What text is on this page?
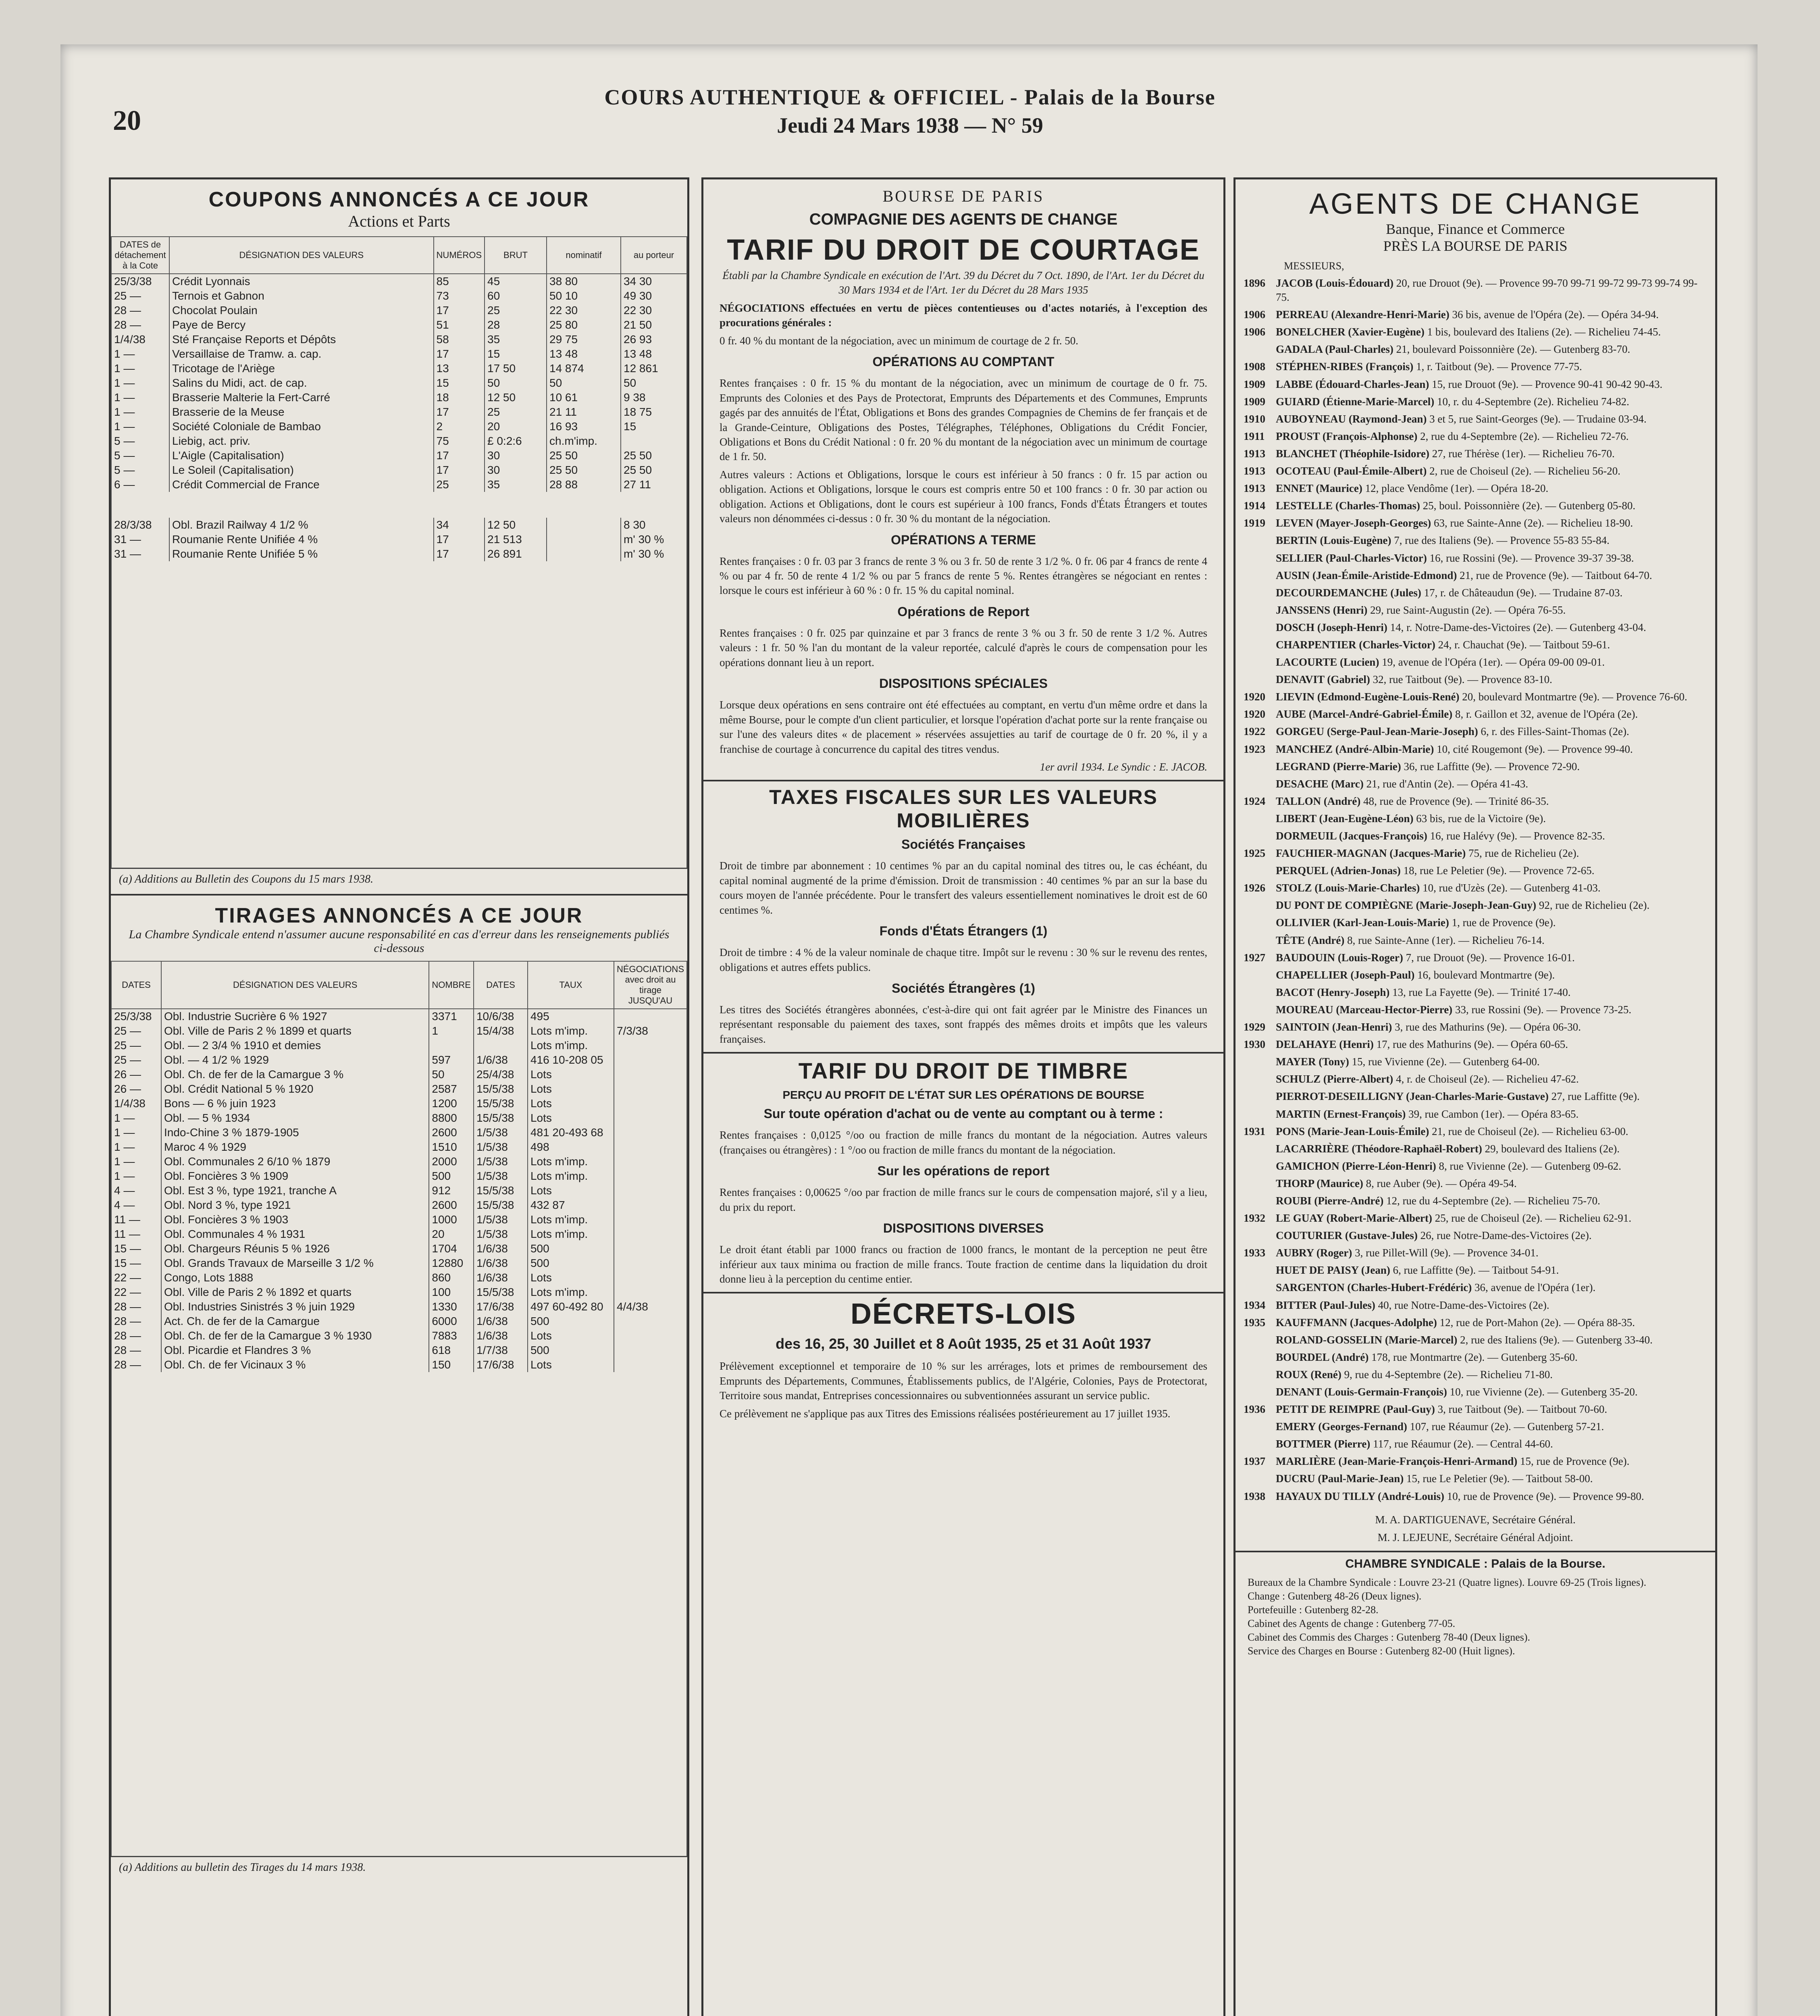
20
COURS AUTHENTIQUE & OFFICIEL - Palais de la Bourse
Jeudi 24 Mars 1938 — N° 59
COUPONS ANNONCÉS A CE JOUR
Actions et Parts
DATES de détachement à la Cote	DÉSIGNATION DES VALEURS	NUMÉROS	BRUT	nominatif	au porteur
25/3/38	Crédit Lyonnais	85	45	38 80	34 30
25 —	Ternois et Gabnon	73	60	50 10	49 30
28 —	Chocolat Poulain	17	25	22 30	22 30
28 —	Paye de Bercy	51	28	25 80	21 50
1/4/38	Sté Française Reports et Dépôts	58	35	29 75	26 93
1 —	Versaillaise de Tramw. a. cap.	17	15	13 48	13 48
1 —	Tricotage de l'Ariège	13	17 50	14 874	12 861
1 —	Salins du Midi, act. de cap.	15	50	50	50
1 —	Brasserie Malterie la Fert-Carré	18	12 50	10 61	9 38
1 —	Brasserie de la Meuse	17	25	21 11	18 75
1 —	Société Coloniale de Bambao	2	20	16 93	15
5 —	Liebig, act. priv.	75	£ 0:2:6	ch.m'imp.	
5 —	L'Aigle (Capitalisation)	17	30	25 50	25 50
5 —	Le Soleil (Capitalisation)	17	30	25 50	25 50
6 —	Crédit Commercial de France	25	35	28 88	27 11

28/3/38	Obl. Brazil Railway 4 1/2 %	34	12 50		8 30
31 —	Roumanie Rente Unifiée 4 %	17	21 513		m' 30 %
31 —	Roumanie Rente Unifiée 5 %	17	26 891		m' 30 %
(a) Additions au Bulletin des Coupons du 15 mars 1938.
TIRAGES ANNONCÉS A CE JOUR
La Chambre Syndicale entend n'assumer aucune responsabilité en cas d'erreur dans les renseignements publiés ci-dessous
DATES	DÉSIGNATION DES VALEURS	NOMBRE	DATES	TAUX	NÉGOCIATIONS avec droit au tirage JUSQU'AU
25/3/38	Obl. Industrie Sucrière 6 % 1927	3371	10/6/38	495	
25 —	Obl. Ville de Paris 2 % 1899 et quarts	1	15/4/38	Lots m'imp.	7/3/38
25 —	Obl. — 2 3/4 % 1910 et demies			Lots m'imp.	
25 —	Obl. — 4 1/2 % 1929	597	1/6/38	416 10-208 05	
26 —	Obl. Ch. de fer de la Camargue 3 %	50	25/4/38	Lots	
26 —	Obl. Crédit National 5 % 1920	2587	15/5/38	Lots	
1/4/38	Bons — 6 % juin 1923	1200	15/5/38	Lots	
1 —	Obl. — 5 % 1934	8800	15/5/38	Lots	
1 —	Indo-Chine 3 % 1879-1905	2600	1/5/38	481 20-493 68	
1 —	Maroc 4 % 1929	1510	1/5/38	498	
1 —	Obl. Communales 2 6/10 % 1879	2000	1/5/38	Lots m'imp.	
1 —	Obl. Foncières 3 % 1909	500	1/5/38	Lots m'imp.	
4 —	Obl. Est 3 %, type 1921, tranche A	912	15/5/38	Lots	
4 —	Obl. Nord 3 %, type 1921	2600	15/5/38	432 87	
11 —	Obl. Foncières 3 % 1903	1000	1/5/38	Lots m'imp.	
11 —	Obl. Communales 4 % 1931	20	1/5/38	Lots m'imp.	
15 —	Obl. Chargeurs Réunis 5 % 1926	1704	1/6/38	500	
15 —	Obl. Grands Travaux de Marseille 3 1/2 %	12880	1/6/38	500	
22 —	Congo, Lots 1888	860	1/6/38	Lots	
22 —	Obl. Ville de Paris 2 % 1892 et quarts	100	15/5/38	Lots m'imp.	
28 —	Obl. Industries Sinistrés 3 % juin 1929	1330	17/6/38	497 60-492 80	4/4/38
28 —	Act. Ch. de fer de la Camargue	6000	1/6/38	500	
28 —	Obl. Ch. de fer de la Camargue 3 % 1930	7883	1/6/38	Lots	
28 —	Obl. Picardie et Flandres 3 %	618	1/7/38	500	
28 —	Obl. Ch. de fer Vicinaux 3 %	150	17/6/38	Lots	
(a) Additions au bulletin des Tirages du 14 mars 1938.
BOURSE DE PARIS
COMPAGNIE DES AGENTS DE CHANGE
TARIF DU DROIT DE COURTAGE
Établi par la Chambre Syndicale en exécution de l'Art. 39 du Décret du 7 Oct. 1890, de l'Art. 1er du Décret du 30 Mars 1934 et de l'Art. 1er du Décret du 28 Mars 1935
NÉGOCIATIONS effectuées en vertu de pièces contentieuses ou d'actes notariés, à l'exception des procurations générales :
0 fr. 40 % du montant de la négociation, avec un minimum de courtage de 2 fr. 50.
OPÉRATIONS AU COMPTANT
Rentes françaises : 0 fr. 15 % du montant de la négociation, avec un minimum de courtage de 0 fr. 75. Emprunts des Colonies et des Pays de Protectorat, Emprunts des Départements et des Communes, Emprunts gagés par des annuités de l'État, Obligations et Bons des grandes Compagnies de Chemins de fer français et de la Grande-Ceinture, Obligations des Postes, Télégraphes, Téléphones, Obligations du Crédit Foncier, Obligations et Bons du Crédit National : 0 fr. 20 % du montant de la négociation avec un minimum de courtage de 1 fr. 50.
Autres valeurs : Actions et Obligations, lorsque le cours est inférieur à 50 francs : 0 fr. 15 par action ou obligation. Actions et Obligations, lorsque le cours est compris entre 50 et 100 francs : 0 fr. 30 par action ou obligation. Actions et Obligations, dont le cours est supérieur à 100 francs, Fonds d'États Étrangers et toutes valeurs non dénommées ci-dessus : 0 fr. 30 % du montant de la négociation.
OPÉRATIONS A TERME
Rentes françaises : 0 fr. 03 par 3 francs de rente 3 % ou 3 fr. 50 de rente 3 1/2 %. 0 fr. 06 par 4 francs de rente 4 % ou par 4 fr. 50 de rente 4 1/2 % ou par 5 francs de rente 5 %. Rentes étrangères se négociant en rentes : lorsque le cours est inférieur à 60 % : 0 fr. 15 % du capital nominal.
Opérations de Report
Rentes françaises : 0 fr. 025 par quinzaine et par 3 francs de rente 3 % ou 3 fr. 50 de rente 3 1/2 %. Autres valeurs : 1 fr. 50 % l'an du montant de la valeur reportée, calculé d'après le cours de compensation pour les opérations donnant lieu à un report.
DISPOSITIONS SPÉCIALES
Lorsque deux opérations en sens contraire ont été effectuées au comptant, en vertu d'un même ordre et dans la même Bourse, pour le compte d'un client particulier, et lorsque l'opération d'achat porte sur la rente française ou sur l'une des valeurs dites « de placement » réservées assujetties au tarif de courtage de 0 fr. 20 %, il y a franchise de courtage à concurrence du capital des titres vendus.
1er avril 1934. Le Syndic : E. JACOB.
TAXES FISCALES SUR LES VALEURS MOBILIÈRES
Sociétés Françaises
Droit de timbre par abonnement : 10 centimes % par an du capital nominal des titres ou, le cas échéant, du capital nominal augmenté de la prime d'émission. Droit de transmission : 40 centimes % par an sur la base du cours moyen de l'année précédente. Pour le transfert des valeurs essentiellement nominatives le droit est de 60 centimes %.
Fonds d'États Étrangers (1)
Droit de timbre : 4 % de la valeur nominale de chaque titre. Impôt sur le revenu : 30 % sur le revenu des rentes, obligations et autres effets publics.
Sociétés Étrangères (1)
Les titres des Sociétés étrangères abonnées, c'est-à-dire qui ont fait agréer par le Ministre des Finances un représentant responsable du paiement des taxes, sont frappés des mêmes droits et impôts que les valeurs françaises.
TARIF DU DROIT DE TIMBRE
PERÇU AU PROFIT DE L'ÉTAT SUR LES OPÉRATIONS DE BOURSE
Sur toute opération d'achat ou de vente au comptant ou à terme :
Rentes françaises : 0,0125 °/oo ou fraction de mille francs du montant de la négociation. Autres valeurs (françaises ou étrangères) : 1 °/oo ou fraction de mille francs du montant de la négociation.
Sur les opérations de report
Rentes françaises : 0,00625 °/oo par fraction de mille francs sur le cours de compensation majoré, s'il y a lieu, du prix du report.
DISPOSITIONS DIVERSES
Le droit étant établi par 1000 francs ou fraction de 1000 francs, le montant de la perception ne peut être inférieur aux taux minima ou fraction de mille francs. Toute fraction de centime dans la liquidation du droit donne lieu à la perception du centime entier.
DÉCRETS-LOIS
des 16, 25, 30 Juillet et 8 Août 1935, 25 et 31 Août 1937
Prélèvement exceptionnel et temporaire de 10 % sur les arrérages, lots et primes de remboursement des Emprunts des Départements, Communes, Établissements publics, de l'Algérie, Colonies, Pays de Protectorat, Territoire sous mandat, Entreprises concessionnaires ou subventionnées assurant un service public.
Ce prélèvement ne s'applique pas aux Titres des Emissions réalisées postérieurement au 17 juillet 1935.
AGENTS DE CHANGE
Banque, Finance et Commerce
PRÈS LA BOURSE DE PARIS
MESSIEURS,
1896 JACOB (Louis-Édouard) 20, rue Drouot (9e). — Provence 99-70 99-71 99-72 99-73 99-74 99-75.
1906 PERREAU (Alexandre-Henri-Marie) 36 bis, avenue de l'Opéra (2e). — Opéra 34-94.
1906 BONELCHER (Xavier-Eugène) 1 bis, boulevard des Italiens (2e). — Richelieu 74-45.
GADALA (Paul-Charles) 21, boulevard Poissonnière (2e). — Gutenberg 83-70.
1908 STÉPHEN-RIBES (François) 1, r. Taitbout (9e). — Provence 77-75.
1909 LABBE (Édouard-Charles-Jean) 15, rue Drouot (9e). — Provence 90-41 90-42 90-43.
1909 GUIARD (Étienne-Marie-Marcel) 10, r. du 4-Septembre (2e). Richelieu 74-82.
1910 AUBOYNEAU (Raymond-Jean) 3 et 5, rue Saint-Georges (9e). — Trudaine 03-94.
1911	PROUST (François-Alphonse) 2, rue du 4-Septembre (2e). — Richelieu 72-76.
1913 BLANCHET (Théophile-Isidore) 27, rue Thérèse (1er). — Richelieu 76-70.
1913 OCOTEAU (Paul-Émile-Albert) 2, rue de Choiseul (2e). — Richelieu 56-20.
1913 ENNET (Maurice) 12, place Vendôme (1er). — Opéra 18-20.
1914 LESTELLE (Charles-Thomas) 25, boul. Poissonnière (2e). — Gutenberg 05-80.
1919 LEVEN (Mayer-Joseph-Georges) 63, rue Sainte-Anne (2e). — Richelieu 18-90.
BERTIN (Louis-Eugène) 7, rue des Italiens (9e). — Provence 55-83 55-84.
SELLIER (Paul-Charles-Victor) 16, rue Rossini (9e). — Provence 39-37 39-38.
AUSIN (Jean-Émile-Aristide-Edmond) 21, rue de Provence (9e). — Taitbout 64-70.
DECOURDEMANCHE (Jules) 17, r. de Châteaudun (9e). — Trudaine 87-03.
JANSSENS (Henri) 29, rue Saint-Augustin (2e). — Opéra 76-55.
DOSCH (Joseph-Henri) 14, r. Notre-Dame-des-Victoires (2e). — Gutenberg 43-04.
CHARPENTIER (Charles-Victor) 24, r. Chauchat (9e). — Taitbout 59-61.
LACOURTE (Lucien) 19, avenue de l'Opéra (1er). — Opéra 09-00 09-01.
DENAVIT (Gabriel) 32, rue Taitbout (9e). — Provence 83-10.
1920 LIEVIN (Edmond-Eugène-Louis-René) 20, boulevard Montmartre (9e). — Provence 76-60.
1920 AUBE (Marcel-André-Gabriel-Émile) 8, r. Gaillon et 32, avenue de l'Opéra (2e).
1922 GORGEU (Serge-Paul-Jean-Marie-Joseph) 6, r. des Filles-Saint-Thomas (2e).
1923 MANCHEZ (André-Albin-Marie) 10, cité Rougemont (9e). — Provence 99-40.
LEGRAND (Pierre-Marie) 36, rue Laffitte (9e). — Provence 72-90.
DESACHE (Marc) 21, rue d'Antin (2e). — Opéra 41-43.
1924 TALLON (André) 48, rue de Provence (9e). — Trinité 86-35.
LIBERT (Jean-Eugène-Léon) 63 bis, rue de la Victoire (9e).
DORMEUIL (Jacques-François) 16, rue Halévy (9e). — Provence 82-35.
1925 FAUCHIER-MAGNAN (Jacques-Marie) 75, rue de Richelieu (2e).
PERQUEL (Adrien-Jonas) 18, rue Le Peletier (9e). — Provence 72-65.
1926 STOLZ (Louis-Marie-Charles) 10, rue d'Uzès (2e). — Gutenberg 41-03.
DU PONT DE COMPIÈGNE (Marie-Joseph-Jean-Guy) 92, rue de Richelieu (2e).
OLLIVIER (Karl-Jean-Louis-Marie) 1, rue de Provence (9e).
TÊTE (André) 8, rue Sainte-Anne (1er). — Richelieu 76-14.
1927 BAUDOUIN (Louis-Roger) 7, rue Drouot (9e). — Provence 16-01.
CHAPELLIER (Joseph-Paul) 16, boulevard Montmartre (9e).
BACOT (Henry-Joseph) 13, rue La Fayette (9e). — Trinité 17-40.
MOUREAU (Marceau-Hector-Pierre) 33, rue Rossini (9e). — Provence 73-25.
1929 SAINTOIN (Jean-Henri) 3, rue des Mathurins (9e). — Opéra 06-30.
1930 DELAHAYE (Henri) 17, rue des Mathurins (9e). — Opéra 60-65.
MAYER (Tony) 15, rue Vivienne (2e). — Gutenberg 64-00.
SCHULZ (Pierre-Albert) 4, r. de Choiseul (2e). — Richelieu 47-62.
PIERROT-DESEILLIGNY (Jean-Charles-Marie-Gustave) 27, rue Laffitte (9e).
MARTIN (Ernest-François) 39, rue Cambon (1er). — Opéra 83-65.
1931 PONS (Marie-Jean-Louis-Émile) 21, rue de Choiseul (2e). — Richelieu 63-00.
LACARRIÈRE (Théodore-Raphaël-Robert) 29, boulevard des Italiens (2e).
GAMICHON (Pierre-Léon-Henri) 8, rue Vivienne (2e). — Gutenberg 09-62.
THORP (Maurice) 8, rue Auber (9e). — Opéra 49-54.
ROUBI (Pierre-André) 12, rue du 4-Septembre (2e). — Richelieu 75-70.
1932 LE GUAY (Robert-Marie-Albert) 25, rue de Choiseul (2e). — Richelieu 62-91.
COUTURIER (Gustave-Jules) 26, rue Notre-Dame-des-Victoires (2e).
1933 AUBRY (Roger) 3, rue Pillet-Will (9e). — Provence 34-01.
HUET DE PAISY (Jean) 6, rue Laffitte (9e). — Taitbout 54-91.
SARGENTON (Charles-Hubert-Frédéric) 36, avenue de l'Opéra (1er).
1934 BITTER (Paul-Jules) 40, rue Notre-Dame-des-Victoires (2e).
1935 KAUFFMANN (Jacques-Adolphe) 12, rue de Port-Mahon (2e). — Opéra 88-35.
ROLAND-GOSSELIN (Marie-Marcel) 2, rue des Italiens (9e). — Gutenberg 33-40.
BOURDEL (André) 178, rue Montmartre (2e). — Gutenberg 35-60.
ROUX (René) 9, rue du 4-Septembre (2e). — Richelieu 71-80.
DENANT (Louis-Germain-François) 10, rue Vivienne (2e). — Gutenberg 35-20.
1936 PETIT DE REIMPRE (Paul-Guy) 3, rue Taitbout (9e). — Taitbout 70-60.
EMERY (Georges-Fernand) 107, rue Réaumur (2e). — Gutenberg 57-21.
BOTTMER (Pierre) 117, rue Réaumur (2e). — Central 44-60.
1937 MARLIÈRE (Jean-Marie-François-Henri-Armand) 15, rue de Provence (9e).
DUCRU (Paul-Marie-Jean) 15, rue Le Peletier (9e). — Taitbout 58-00.
1938 HAYAUX DU TILLY (André-Louis) 10, rue de Provence (9e). — Provence 99-80.
M. A. DARTIGUENAVE, Secrétaire Général.
M. J. LEJEUNE, Secrétaire Général Adjoint.
CHAMBRE SYNDICALE : Palais de la Bourse.
Bureaux de la Chambre Syndicale : Louvre 23-21 (Quatre lignes). Louvre 69-25 (Trois lignes).
Change : Gutenberg 48-26 (Deux lignes).
Portefeuille : Gutenberg 82-28.
Cabinet des Agents de change : Gutenberg 77-05.
Cabinet des Commis des Charges : Gutenberg 78-40 (Deux lignes).
Service des Charges en Bourse : Gutenberg 82-00 (Huit lignes).
